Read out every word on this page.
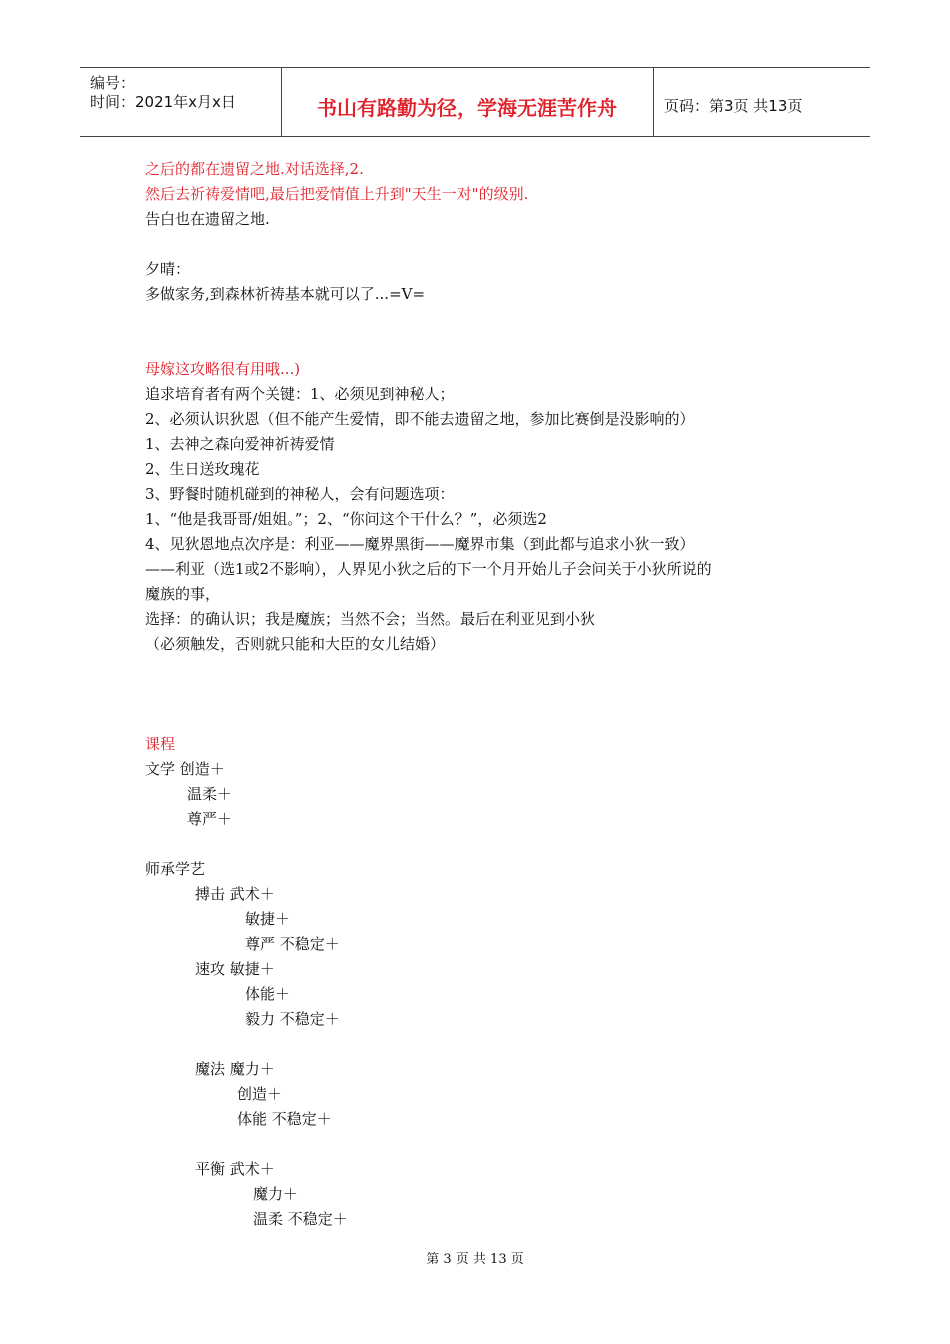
编号：
时间：2021年x月x日	书山有路勤为径，学海无涯苦作舟	页码：第3页 共13页
之后的都在遗留之地.对话选择,2.
然后去祈祷爱情吧,最后把爱情值上升到"天生一对"的级别.
告白也在遗留之地.
夕晴：
多做家务,到森林祈祷基本就可以了...=V=
母嫁这攻略很有用哦...)
追求培育者有两个关键：1、必须见到神秘人；
2、必须认识狄恩（但不能产生爱情，即不能去遗留之地，参加比赛倒是没影响的）
1、去神之森向爱神祈祷爱情
2、生日送玫瑰花
3、野餐时随机碰到的神秘人，会有问题选项：
1、“他是我哥哥/姐姐。”；2、“你问这个干什么？”，必须选2
4、见狄恩地点次序是：利亚——魔界黑街——魔界市集（到此都与追求小狄一致）
——利亚（选1或2不影响），人界见小狄之后的下一个月开始儿子会问关于小狄所说的
魔族的事，
选择：的确认识；我是魔族；当然不会；当然。最后在利亚见到小狄
（必须触发，否则就只能和大臣的女儿结婚）
课程
文学 创造＋
温柔＋
尊严＋
师承学艺
搏击 武术＋
敏捷＋
尊严 不稳定＋
速攻 敏捷＋
体能＋
毅力 不稳定＋
魔法 魔力＋
创造＋
体能 不稳定＋
平衡 武术＋
魔力＋
温柔 不稳定＋
第 3 页 共 13 页
